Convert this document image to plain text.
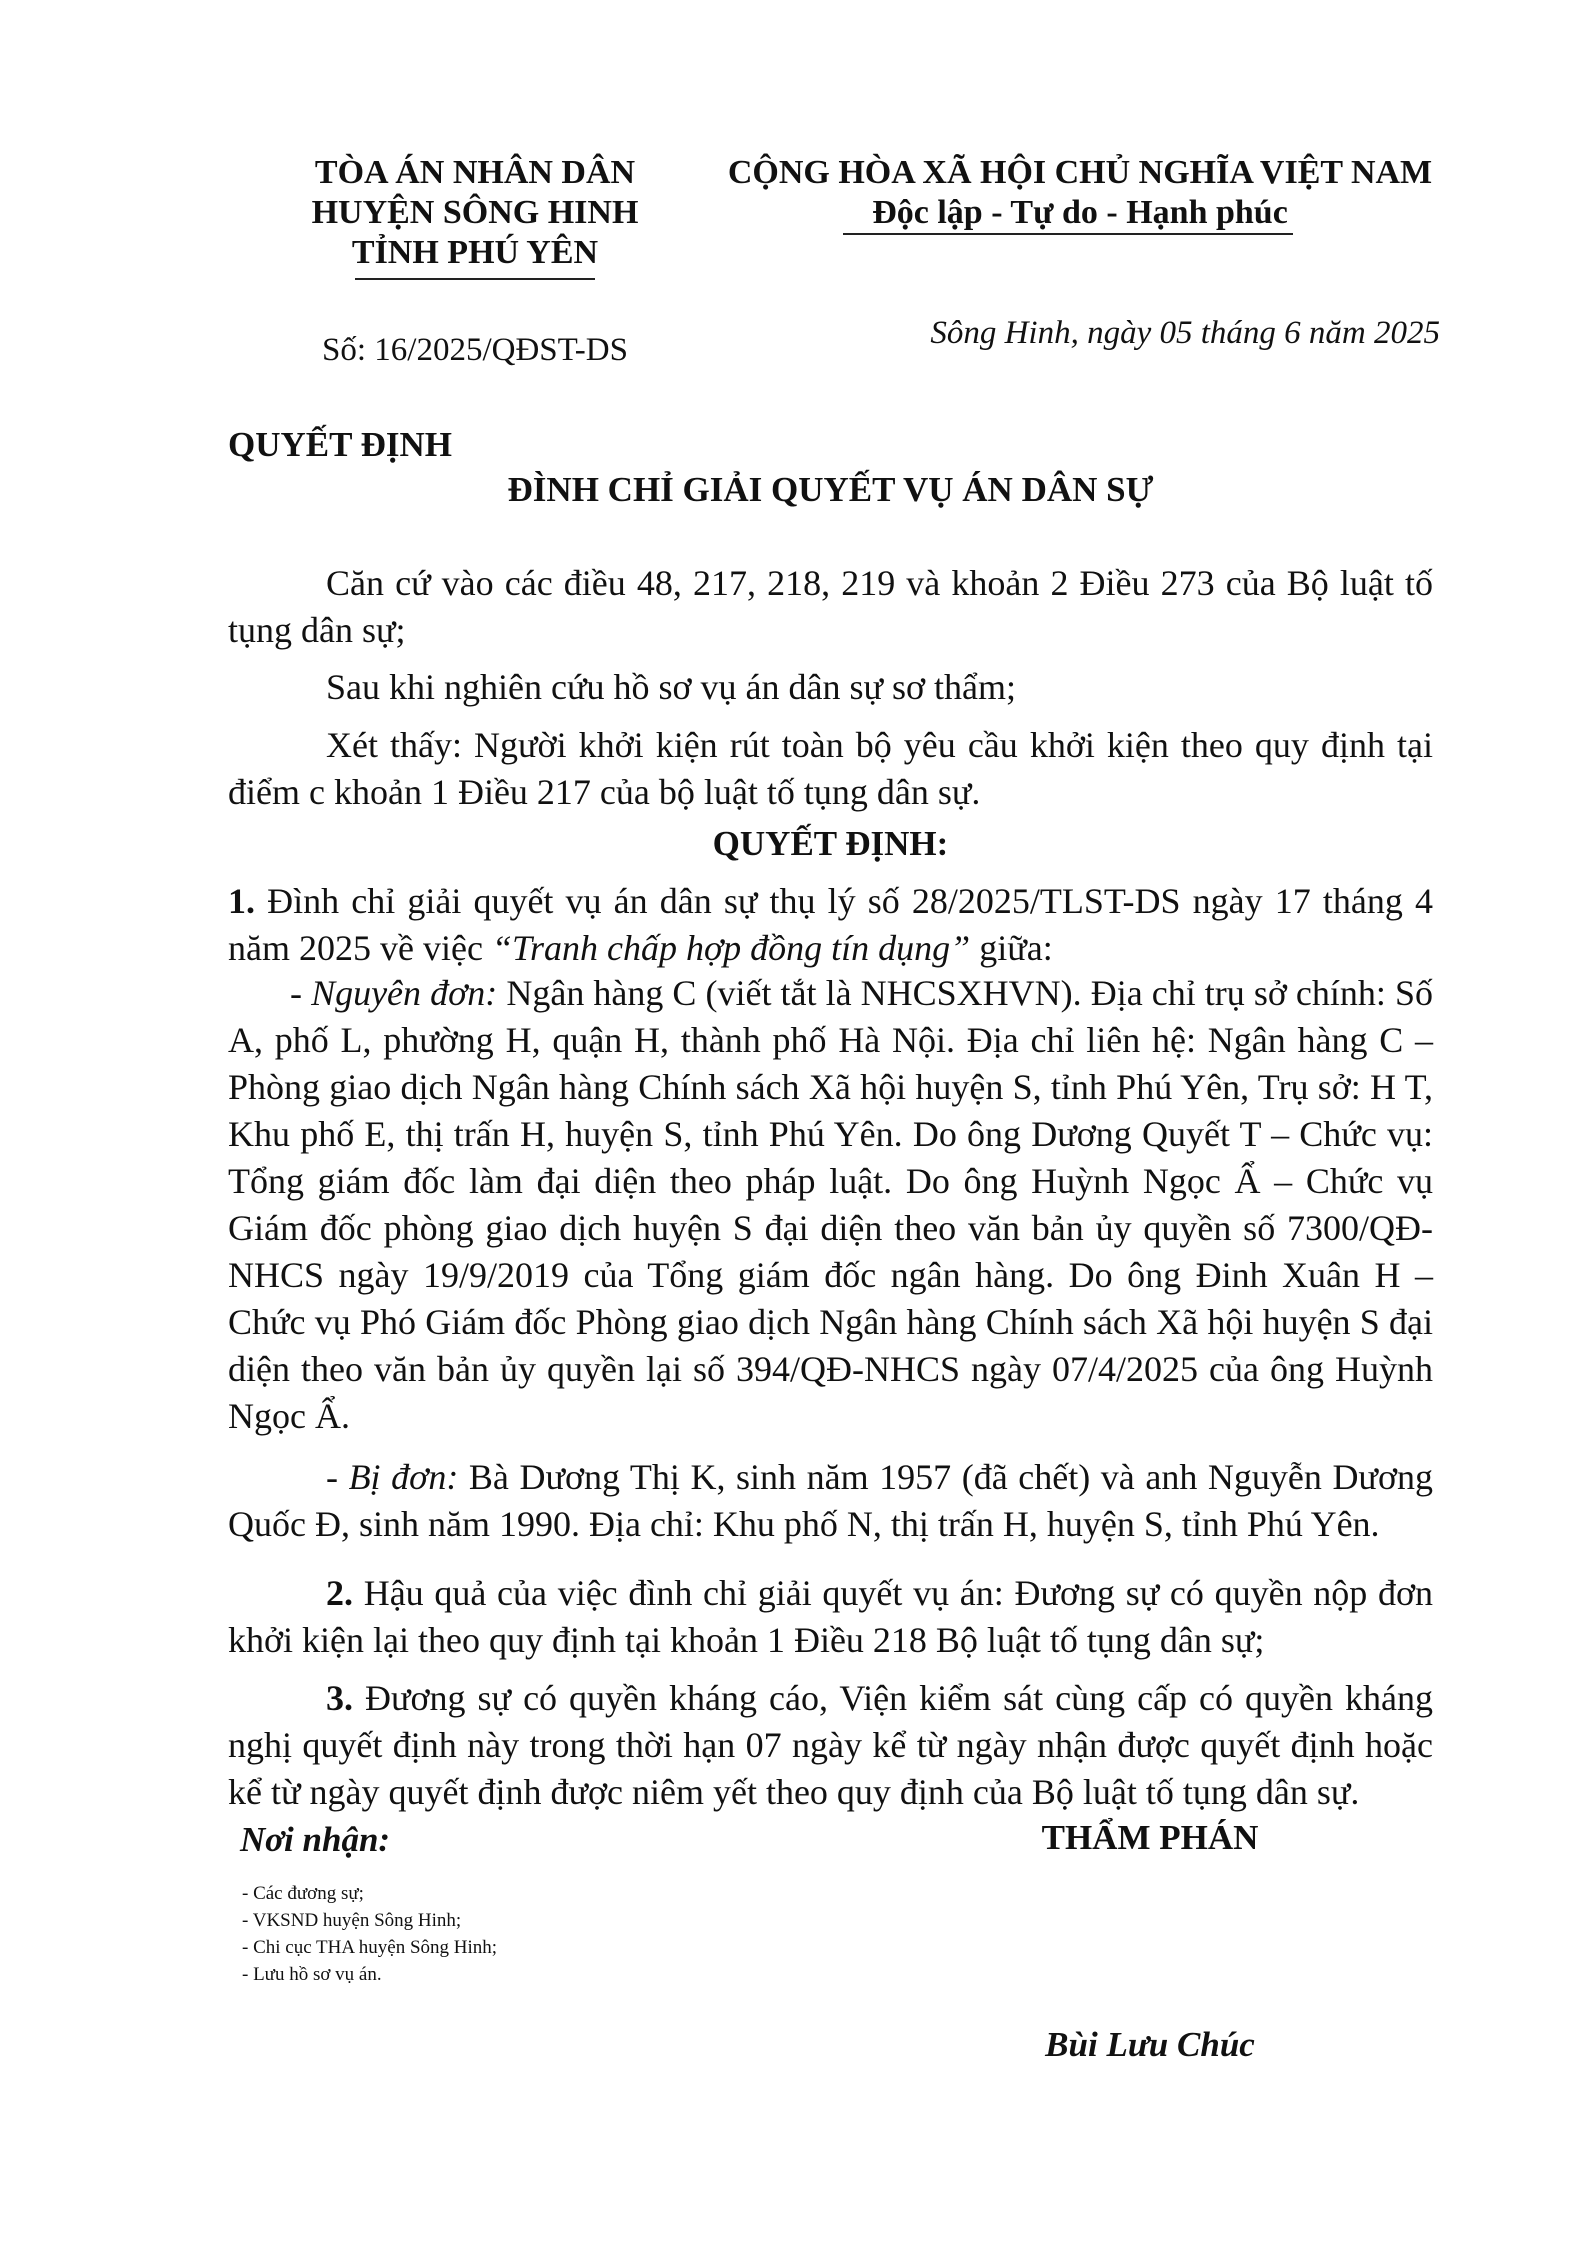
TÒA ÁN NHÂN DÂN

HUYỆN SÔNG HINH

TỈNH PHÚ YÊN

Số: 16/2025/QĐST-DS

CỘNG HÒA XÃ HỘI CHỦ NGHĨA VIỆT NAM

Độc lập - Tự do - Hạnh phúc

Sông Hinh, ngày 05 tháng 6 năm 2025

QUYẾT ĐỊNH

ĐÌNH CHỈ GIẢI QUYẾT VỤ ÁN DÂN SỰ

Căn cứ vào các điều 48, 217, 218, 219 và khoản 2 Điều 273 của Bộ luật tố tụng dân sự;

Sau khi nghiên cứu hồ sơ vụ án dân sự sơ thẩm;

Xét thấy: Người khởi kiện rút toàn bộ yêu cầu khởi kiện theo quy định tại điểm c khoản 1 Điều 217 của bộ luật tố tụng dân sự.

QUYẾT ĐỊNH:

1. Đình chỉ giải quyết vụ án dân sự thụ lý số 28/2025/TLST-DS ngày 17 tháng 4 năm 2025 về việc “Tranh chấp hợp đồng tín dụng” giữa:

- Nguyên đơn: Ngân hàng C (viết tắt là NHCSXHVN). Địa chỉ trụ sở chính: Số A, phố L, phường H, quận H, thành phố Hà Nội. Địa chỉ liên hệ: Ngân hàng C – Phòng giao dịch Ngân hàng Chính sách Xã hội huyện S, tỉnh Phú Yên, Trụ sở: H T, Khu phố E, thị trấn H, huyện S, tỉnh Phú Yên. Do ông Dương Quyết T – Chức vụ: Tổng giám đốc làm đại diện theo pháp luật. Do ông Huỳnh Ngọc Ẩ – Chức vụ Giám đốc phòng giao dịch huyện S đại diện theo văn bản ủy quyền số 7300/QĐ-NHCS ngày 19/9/2019 của Tổng giám đốc ngân hàng. Do ông Đinh Xuân H – Chức vụ Phó Giám đốc Phòng giao dịch Ngân hàng Chính sách Xã hội huyện S đại diện theo văn bản ủy quyền lại số 394/QĐ-NHCS ngày 07/4/2025 của ông Huỳnh Ngọc Ẩ.

- Bị đơn: Bà Dương Thị K, sinh năm 1957 (đã chết) và anh Nguyễn Dương Quốc Đ, sinh năm 1990. Địa chỉ: Khu phố N, thị trấn H, huyện S, tỉnh Phú Yên.

2. Hậu quả của việc đình chỉ giải quyết vụ án: Đương sự có quyền nộp đơn khởi kiện lại theo quy định tại khoản 1 Điều 218 Bộ luật tố tụng dân sự;

3. Đương sự có quyền kháng cáo, Viện kiểm sát cùng cấp có quyền kháng nghị quyết định này trong thời hạn 07 ngày kể từ ngày nhận được quyết định hoặc kể từ ngày quyết định được niêm yết theo quy định của Bộ luật tố tụng dân sự.

Nơi nhận:

- Các đương sự;

- VKSND huyện Sông Hinh;

- Chi cục THA huyện Sông Hinh;

- Lưu hồ sơ vụ án.

THẨM PHÁN

Bùi Lưu Chúc
